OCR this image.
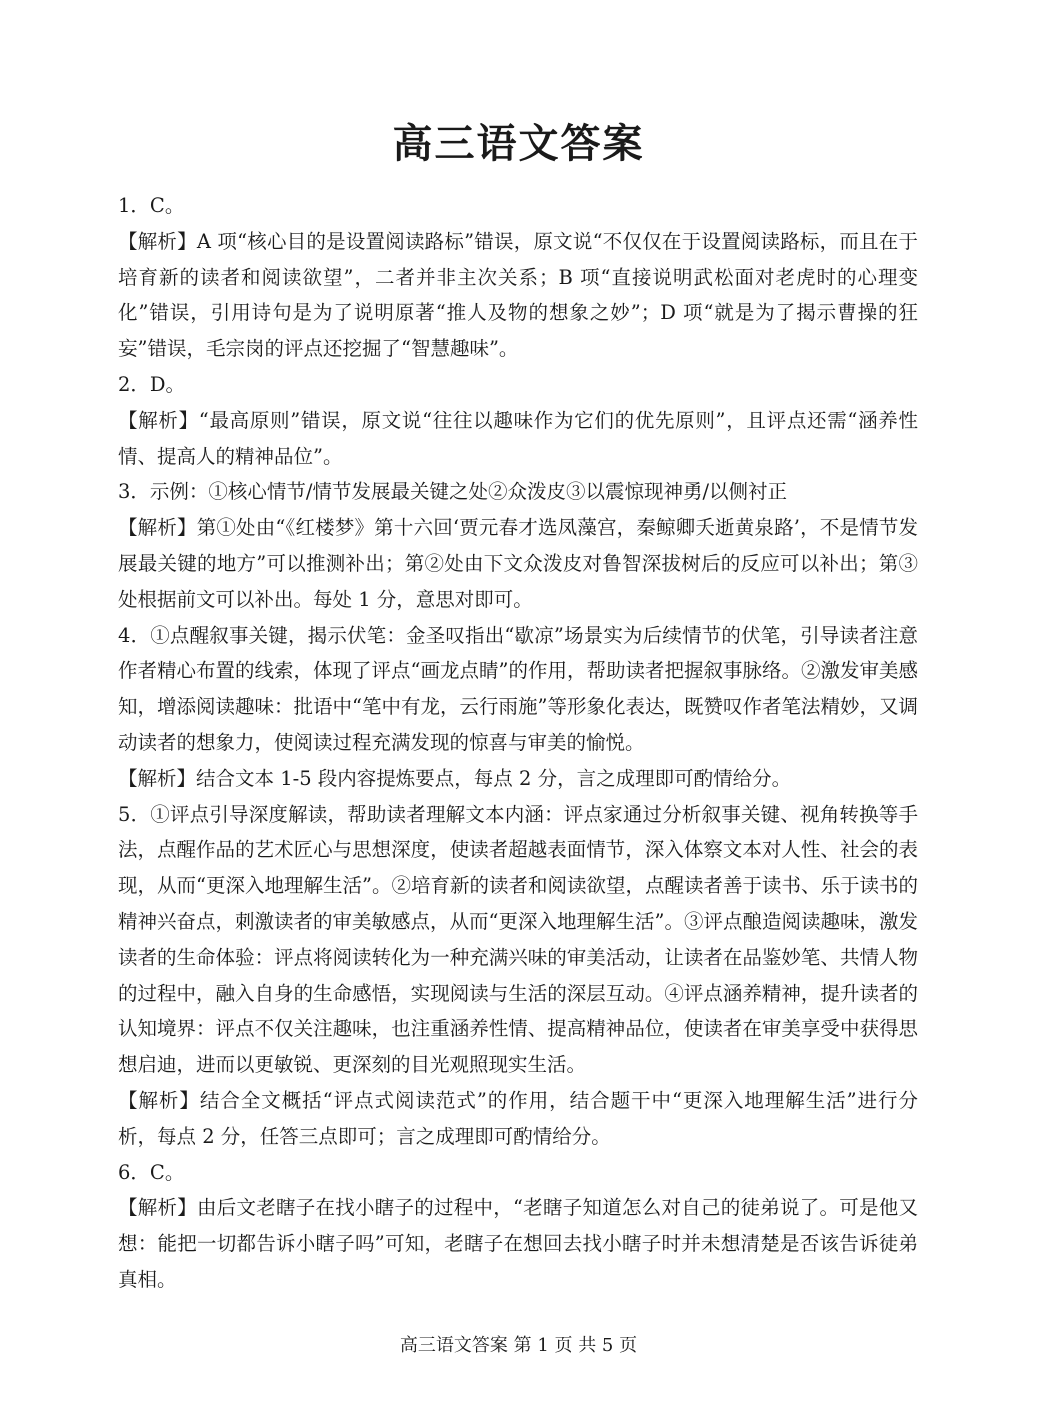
高三语文答案

1．C。

【解析】A 项“核心目的是设置阅读路标”错误，原文说“不仅仅在于设置阅读路标，而且在于培育新的读者和阅读欲望”，二者并非主次关系；B 项“直接说明武松面对老虎时的心理变化”错误，引用诗句是为了说明原著“推人及物的想象之妙”；D 项“就是为了揭示曹操的狂妄”错误，毛宗岗的评点还挖掘了“智慧趣味”。

2．D。

【解析】“最高原则”错误，原文说“往往以趣味作为它们的优先原则”，且评点还需“涵养性情、提高人的精神品位”。

3．示例：①核心情节/情节发展最关键之处②众泼皮③以震惊现神勇/以侧衬正

【解析】第①处由“《红楼梦》第十六回‘贾元春才选凤藻宫，秦鲸卿夭逝黄泉路’，不是情节发展最关键的地方”可以推测补出；第②处由下文众泼皮对鲁智深拔树后的反应可以补出；第③处根据前文可以补出。每处 1 分，意思对即可。

4．①点醒叙事关键，揭示伏笔：金圣叹指出“歇凉”场景实为后续情节的伏笔，引导读者注意作者精心布置的线索，体现了评点“画龙点睛”的作用，帮助读者把握叙事脉络。②激发审美感知，增添阅读趣味：批语中“笔中有龙，云行雨施”等形象化表达，既赞叹作者笔法精妙，又调动读者的想象力，使阅读过程充满发现的惊喜与审美的愉悦。

【解析】结合文本 1-5 段内容提炼要点，每点 2 分，言之成理即可酌情给分。

5．①评点引导深度解读，帮助读者理解文本内涵：评点家通过分析叙事关键、视角转换等手法，点醒作品的艺术匠心与思想深度，使读者超越表面情节，深入体察文本对人性、社会的表现，从而“更深入地理解生活”。②培育新的读者和阅读欲望，点醒读者善于读书、乐于读书的精神兴奋点，刺激读者的审美敏感点，从而“更深入地理解生活”。③评点酿造阅读趣味，激发读者的生命体验：评点将阅读转化为一种充满兴味的审美活动，让读者在品鉴妙笔、共情人物的过程中，融入自身的生命感悟，实现阅读与生活的深层互动。④评点涵养精神，提升读者的认知境界：评点不仅关注趣味，也注重涵养性情、提高精神品位，使读者在审美享受中获得思想启迪，进而以更敏锐、更深刻的目光观照现实生活。

【解析】结合全文概括“评点式阅读范式”的作用，结合题干中“更深入地理解生活”进行分析，每点 2 分，任答三点即可；言之成理即可酌情给分。

6．C。

【解析】由后文老瞎子在找小瞎子的过程中，“老瞎子知道怎么对自己的徒弟说了。可是他又想：能把一切都告诉小瞎子吗”可知，老瞎子在想回去找小瞎子时并未想清楚是否该告诉徒弟真相。

高三语文答案 第 1 页 共 5 页
